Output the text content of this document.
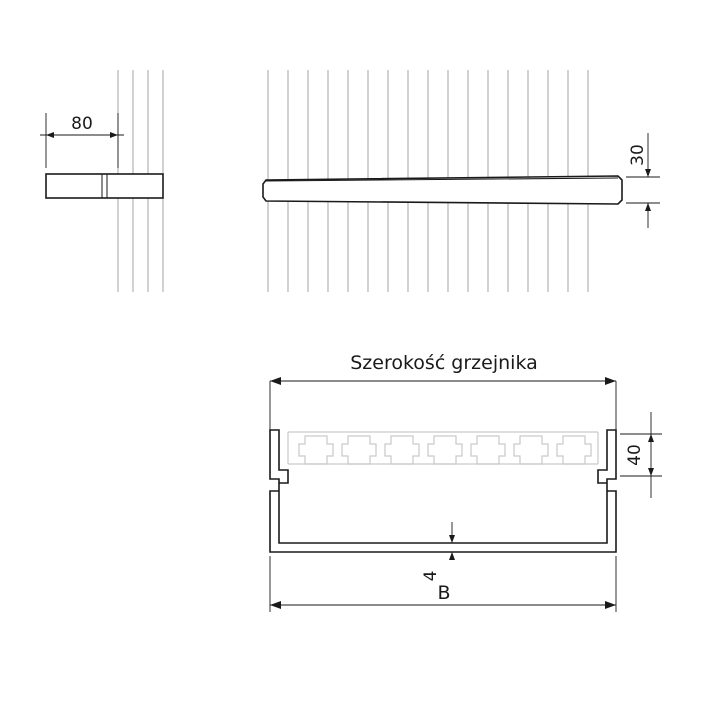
80
30
Szerokość grzejnika
40
4
B
